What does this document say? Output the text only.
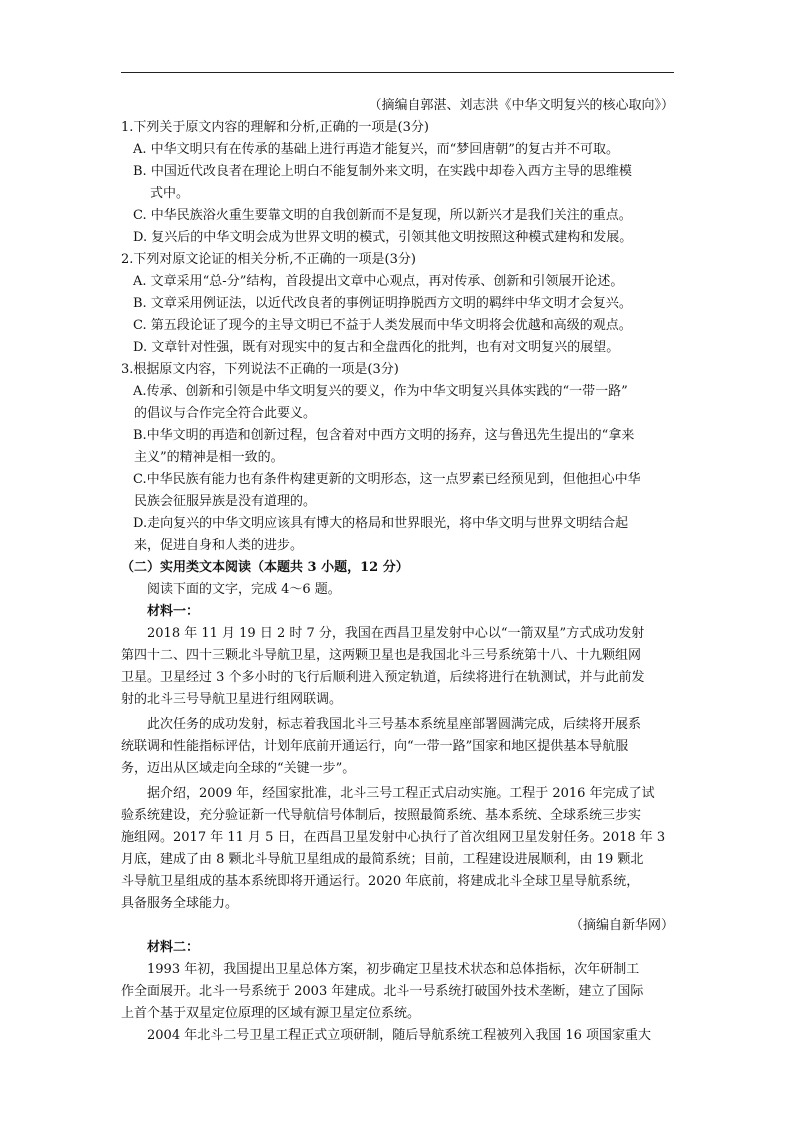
（摘编自郭湛、刘志洪《中华文明复兴的核心取向》）
1.下列关于原文内容的理解和分析,正确的一项是(3分)
A. 中华文明只有在传承的基础上进行再造才能复兴，而“梦回唐朝”的复古并不可取。
B. 中国近代改良者在理论上明白不能复制外来文明，在实践中却卷入西方主导的思维模
式中。
C. 中华民族浴火重生要靠文明的自我创新而不是复现，所以新兴才是我们关注的重点。
D. 复兴后的中华文明会成为世界文明的模式，引领其他文明按照这种模式建构和发展。
2.下列对原文论证的相关分析,不正确的一项是(3分)
A. 文章采用“总-分”结构，首段提出文章中心观点，再对传承、创新和引领展开论述。
B. 文章采用例证法，以近代改良者的事例证明挣脱西方文明的羁绊中华文明才会复兴。
C. 第五段论证了现今的主导文明已不益于人类发展而中华文明将会优越和高级的观点。
D. 文章针对性强，既有对现实中的复古和全盘西化的批判，也有对文明复兴的展望。
3.根据原文内容，下列说法不正确的一项是(3分)
A.传承、创新和引领是中华文明复兴的要义，作为中华文明复兴具体实践的“一带一路”
的倡议与合作完全符合此要义。
B.中华文明的再造和创新过程，包含着对中西方文明的扬弃，这与鲁迅先生提出的“拿来
主义”的精神是相一致的。
C.中华民族有能力也有条件构建更新的文明形态，这一点罗素已经预见到，但他担心中华
民族会征服异族是没有道理的。
D.走向复兴的中华文明应该具有博大的格局和世界眼光，将中华文明与世界文明结合起
来，促进自身和人类的进步。
（二）实用类文本阅读（本题共 3 小题，12 分）
阅读下面的文字，完成 4～6 题。
材料一：
2018 年 11 月 19 日 2 时 7 分，我国在西昌卫星发射中心以“一箭双星”方式成功发射
第四十二、四十三颗北斗导航卫星，这两颗卫星也是我国北斗三号系统第十八、十九颗组网
卫星。卫星经过 3 个多小时的飞行后顺利进入预定轨道，后续将进行在轨测试，并与此前发
射的北斗三号导航卫星进行组网联调。
此次任务的成功发射，标志着我国北斗三号基本系统星座部署圆满完成，后续将开展系
统联调和性能指标评估，计划年底前开通运行，向“一带一路”国家和地区提供基本导航服
务，迈出从区域走向全球的“关键一步”。
据介绍，2009 年，经国家批准，北斗三号工程正式启动实施。工程于 2016 年完成了试
验系统建设，充分验证新一代导航信号体制后，按照最简系统、基本系统、全球系统三步实
施组网。2017 年 11 月 5 日，在西昌卫星发射中心执行了首次组网卫星发射任务。2018 年 3
月底，建成了由 8 颗北斗导航卫星组成的最简系统；目前，工程建设进展顺利，由 19 颗北
斗导航卫星组成的基本系统即将开通运行。2020 年底前，将建成北斗全球卫星导航系统，
具备服务全球能力。
（摘编自新华网）
材料二：
1993 年初，我国提出卫星总体方案，初步确定卫星技术状态和总体指标，次年研制工
作全面展开。北斗一号系统于 2003 年建成。北斗一号系统打破国外技术垄断，建立了国际
上首个基于双星定位原理的区域有源卫星定位系统。
2004 年北斗二号卫星工程正式立项研制，随后导航系统工程被列入我国 16 项国家重大
